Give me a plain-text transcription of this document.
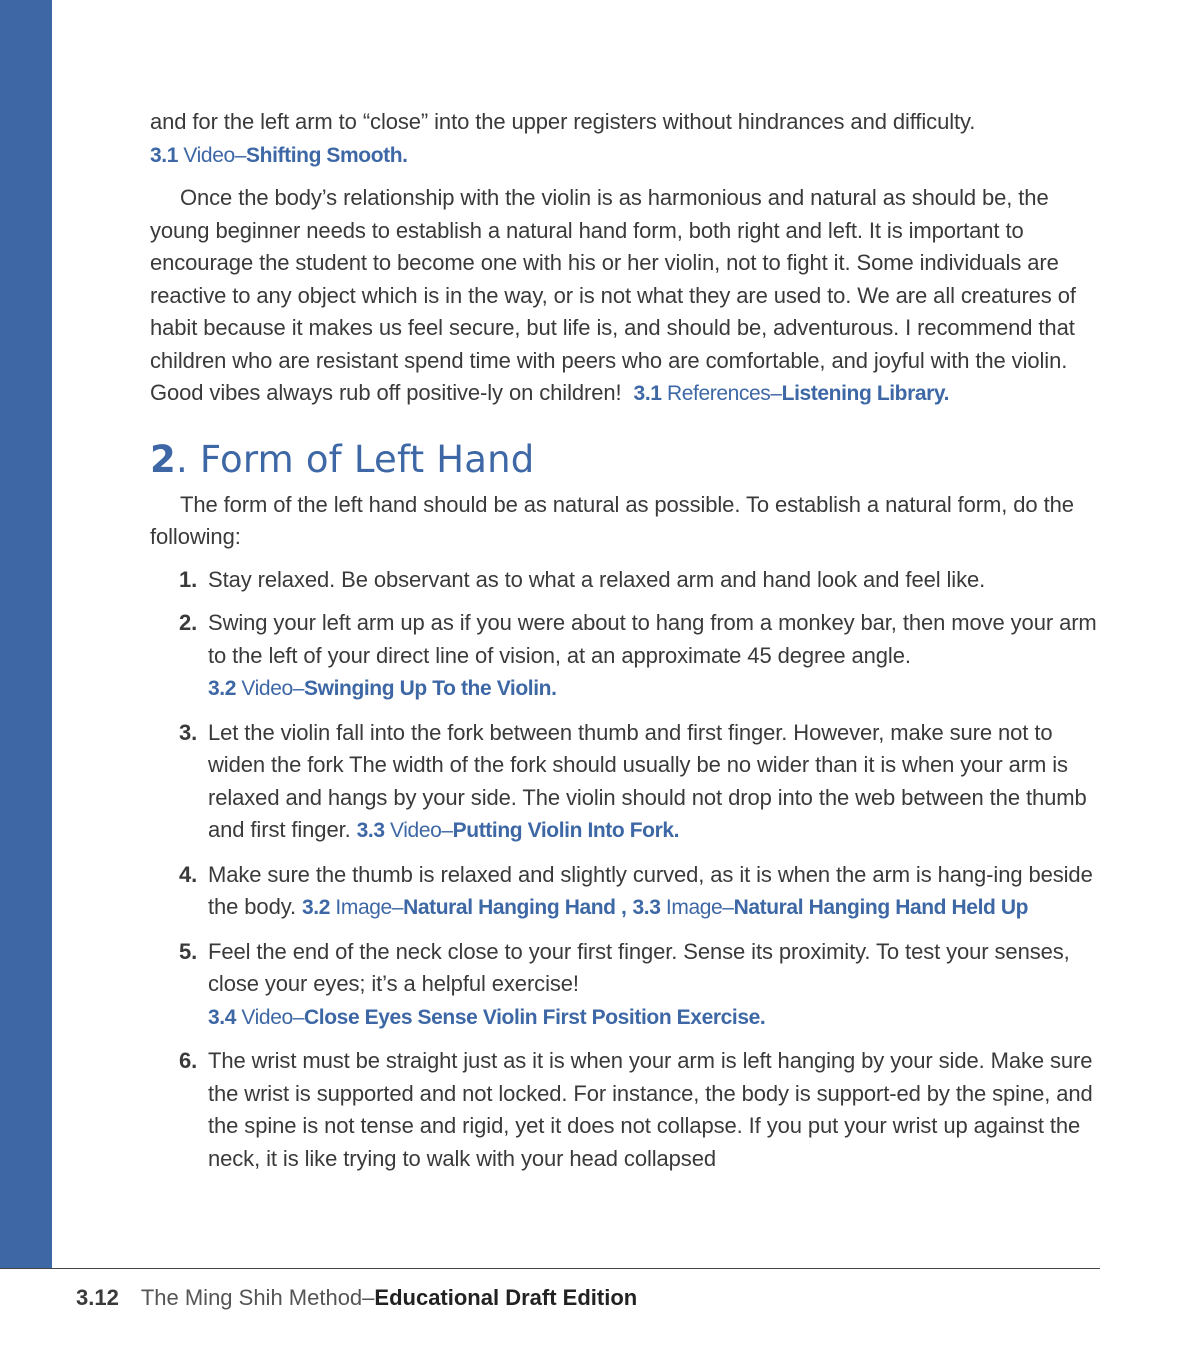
and for the left arm to “close” into the upper registers without hindrances and difficulty.
3.1 Video–Shifting Smooth.

Once the body’s relationship with the violin is as harmonious and natural as should be, the young beginner needs to establish a natural hand form, both right and left. It is important to encourage the student to become one with his or her violin, not to fight it. Some individuals are reactive to any object which is in the way, or is not what they are used to. We are all creatures of habit because it makes us feel secure, but life is, and should be, adventurous. I recommend that children who are resistant spend time with peers who are comfortable, and joyful with the violin. Good vibes always rub off positive-ly on children! 3.1 References–Listening Library.

2. Form of Left Hand

The form of the left hand should be as natural as possible. To establish a natural form, do the following:

1. Stay relaxed. Be observant as to what a relaxed arm and hand look and feel like.
2. Swing your left arm up as if you were about to hang from a monkey bar, then move your arm to the left of your direct line of vision, at an approximate 45 degree angle.
3.2 Video–Swinging Up To the Violin.
3. Let the violin fall into the fork between thumb and first finger. However, make sure not to widen the fork The width of the fork should usually be no wider than it is when your arm is relaxed and hangs by your side. The violin should not drop into the web between the thumb and first finger. 3.3 Video–Putting Violin Into Fork.
4. Make sure the thumb is relaxed and slightly curved, as it is when the arm is hang-ing beside the body. 3.2 Image–Natural Hanging Hand , 3.3 Image–Natural Hanging Hand Held Up
5. Feel the end of the neck close to your first finger. Sense its proximity. To test your senses, close your eyes; it’s a helpful exercise!
3.4 Video–Close Eyes Sense Violin First Position Exercise.
6. The wrist must be straight just as it is when your arm is left hanging by your side. Make sure the wrist is supported and not locked. For instance, the body is support-ed by the spine, and the spine is not tense and rigid, yet it does not collapse. If you put your wrist up against the neck, it is like trying to walk with your head collapsed
3.12 The Ming Shih Method–Educational Draft Edition
